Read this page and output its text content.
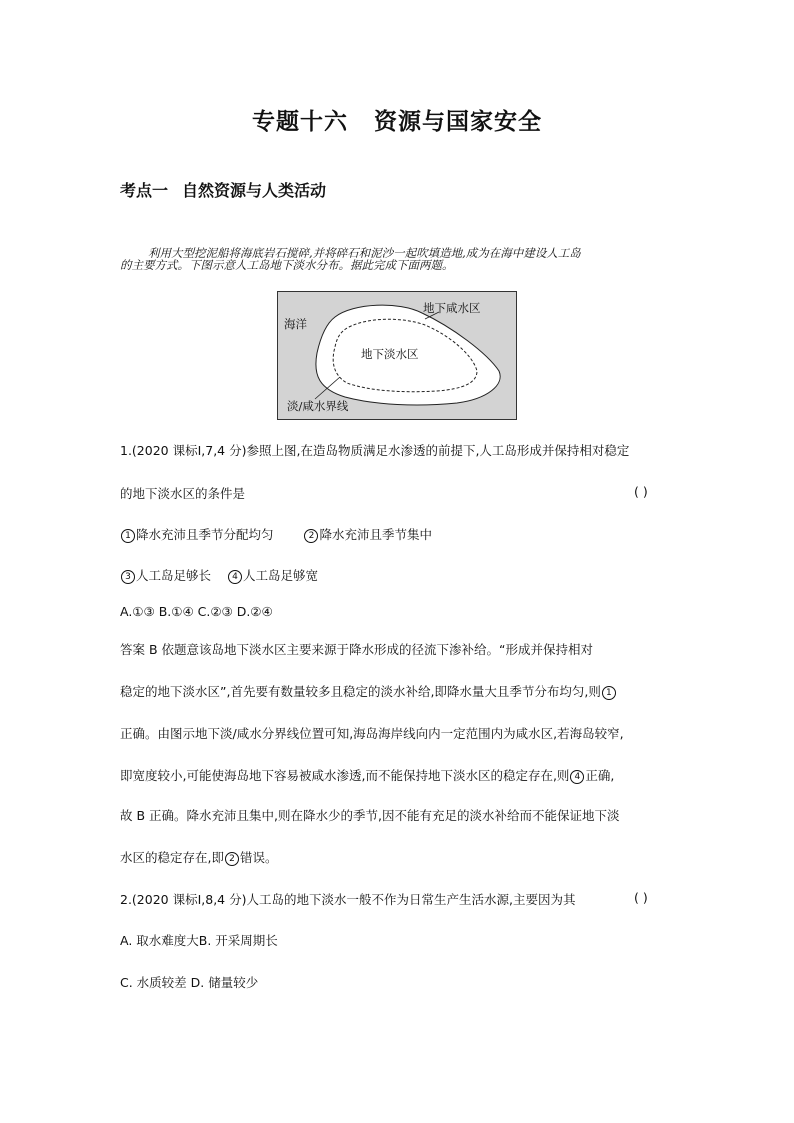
专题十六 资源与国家安全
考点一 自然资源与人类活动
利用大型挖泥船将海底岩石搅碎,并将碎石和泥沙一起吹填造地,成为在海中建设人工岛
的主要方式。下图示意人工岛地下淡水分布。据此完成下面两题。
海洋
地下咸水区
地下淡水区
淡/咸水界线
1.(2020 课标Ⅰ,7,4 分)参照上图,在造岛物质满足水渗透的前提下,人工岛形成并保持相对稳定
的地下淡水区的条件是	( )
1 降水充沛且季节分配均匀	2 降水充沛且季节集中
3 人工岛足够长 4 人工岛足够宽
A.①③ B.①④ C.②③ D.②④
答案 B 依题意该岛地下淡水区主要来源于降水形成的径流下渗补给。“形成并保持相对
稳定的地下淡水区”,首先要有数量较多且稳定的淡水补给,即降水量大且季节分布均匀,则 1
正确。由图示地下淡/咸水分界线位置可知,海岛海岸线向内一定范围内为咸水区,若海岛较窄,
即宽度较小,可能使海岛地下容易被咸水渗透,而不能保持地下淡水区的稳定存在,则 4 正确,
故 B 正确。降水充沛且集中,则在降水少的季节,因不能有充足的淡水补给而不能保证地下淡
水区的稳定存在,即 2 错误。
2.(2020 课标Ⅰ,8,4 分)人工岛的地下淡水一般不作为日常生产生活水源,主要因为其	( )
A. 取水难度大B. 开采周期长
C. 水质较差 D. 储量较少
